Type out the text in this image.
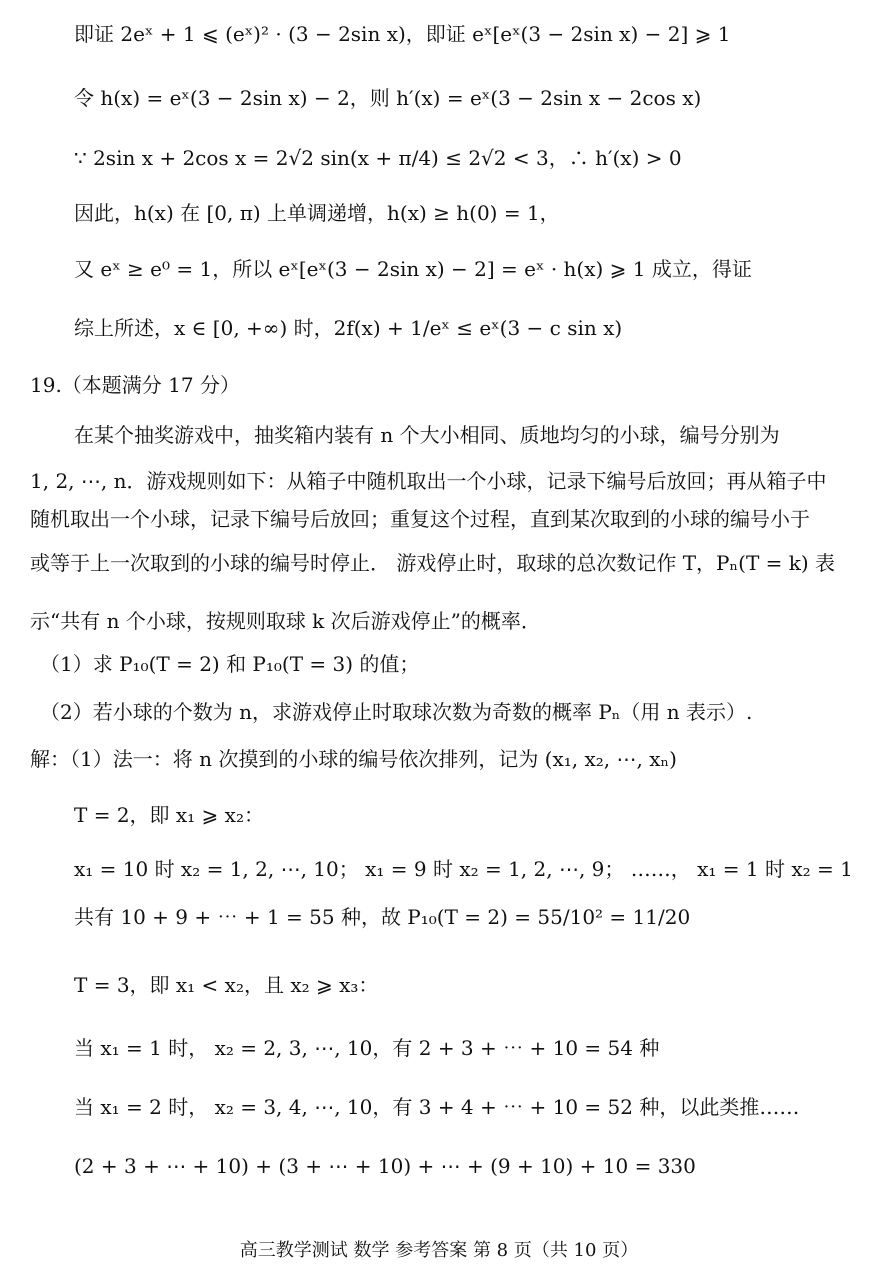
即证 2eˣ + 1 ⩽ (eˣ)² · (3 − 2sin x)，即证 eˣ[eˣ(3 − 2sin x) − 2] ⩾ 1
令 h(x) = eˣ(3 − 2sin x) − 2，则 h′(x) = eˣ(3 − 2sin x − 2cos x)
∵ 2sin x + 2cos x = 2√2 sin(x + π/4) ≤ 2√2 < 3，∴ h′(x) > 0
因此，h(x) 在 [0, π) 上单调递增，h(x) ≥ h(0) = 1，
又 eˣ ≥ e⁰ = 1，所以 eˣ[eˣ(3 − 2sin x) − 2] = eˣ · h(x) ⩾ 1 成立，得证
综上所述，x ∈ [0, +∞) 时，2f(x) + 1/eˣ ≤ eˣ(3 − c sin x)
19.（本题满分 17 分）
在某个抽奖游戏中，抽奖箱内装有 n 个大小相同、质地均匀的小球，编号分别为
1, 2, ⋯, n．游戏规则如下：从箱子中随机取出一个小球，记录下编号后放回；再从箱子中
随机取出一个小球，记录下编号后放回；重复这个过程，直到某次取到的小球的编号小于
或等于上一次取到的小球的编号时停止． 游戏停止时，取球的总次数记作 T，Pₙ(T = k) 表
示“共有 n 个小球，按规则取球 k 次后游戏停止”的概率．
（1）求 P₁₀(T = 2) 和 P₁₀(T = 3) 的值；
（2）若小球的个数为 n，求游戏停止时取球次数为奇数的概率 Pₙ（用 n 表示）.
解：（1）法一：将 n 次摸到的小球的编号依次排列，记为 (x₁, x₂, ⋯, xₙ)
T = 2，即 x₁ ⩾ x₂：
x₁ = 10 时 x₂ = 1, 2, ⋯, 10； x₁ = 9 时 x₂ = 1, 2, ⋯, 9； ……， x₁ = 1 时 x₂ = 1
共有 10 + 9 + ⋯ + 1 = 55 种，故 P₁₀(T = 2) = 55/10² = 11/20
T = 3，即 x₁ < x₂，且 x₂ ⩾ x₃：
当 x₁ = 1 时， x₂ = 2, 3, ⋯, 10，有 2 + 3 + ⋯ + 10 = 54 种
当 x₁ = 2 时， x₂ = 3, 4, ⋯, 10，有 3 + 4 + ⋯ + 10 = 52 种，以此类推……
(2 + 3 + ⋯ + 10) + (3 + ⋯ + 10) + ⋯ + (9 + 10) + 10 = 330
高三教学测试 数学 参考答案 第 8 页（共 10 页）
